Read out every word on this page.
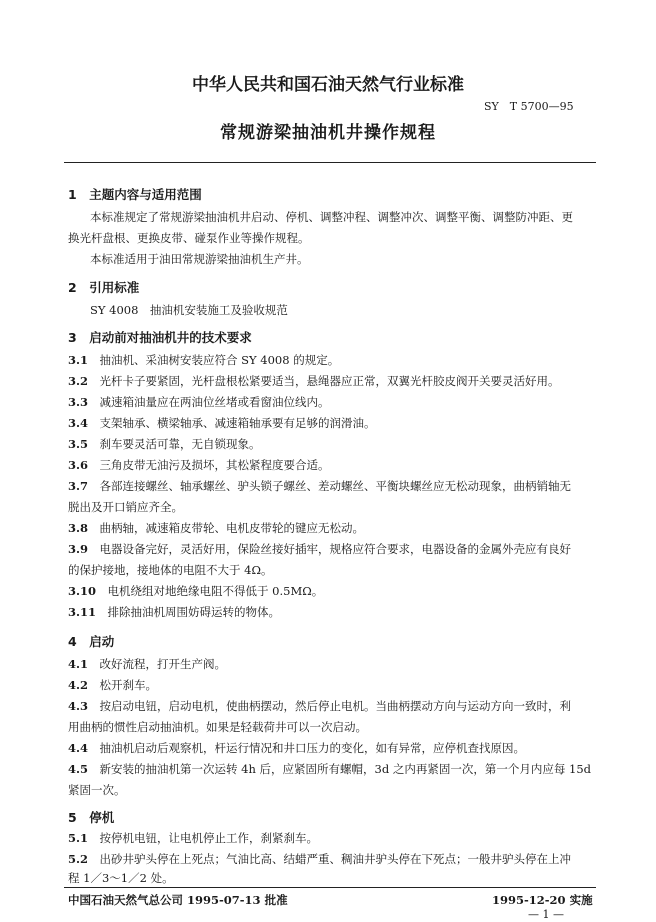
中华人民共和国石油天然气行业标准
SY　T 5700—95
常规游梁抽油机井操作规程
1　主题内容与适用范围
本标准规定了常规游梁抽油机井启动、停机、调整冲程、调整冲次、调整平衡、调整防冲距、更
换光杆盘根、更换皮带、碰泵作业等操作规程。
本标准适用于油田常规游梁抽油机生产井。
2　引用标准
SY 4008　抽油机安装施工及验收规范
3　启动前对抽油机井的技术要求
3.1　 抽油机、采油树安装应符合 SY 4008 的规定。
3.2　 光杆卡子要紧固，光杆盘根松紧要适当，悬绳器应正常，双翼光杆胶皮阀开关要灵活好用。
3.3　 减速箱油量应在两油位丝堵或看窗油位线内。
3.4　 支架轴承、横梁轴承、减速箱轴承要有足够的润滑油。
3.5　 刹车要灵活可靠，无自锁现象。
3.6　 三角皮带无油污及损坏，其松紧程度要合适。
3.7　 各部连接螺丝、轴承螺丝、驴头锁子螺丝、差动螺丝、平衡块螺丝应无松动现象，曲柄销轴无
脱出及开口销应齐全。
3.8　 曲柄轴，减速箱皮带轮、电机皮带轮的键应无松动。
3.9　 电器设备完好，灵活好用，保险丝接好插牢，规格应符合要求，电器设备的金属外壳应有良好
的保护接地，接地体的电阻不大于 4Ω。
3.10　 电机绕组对地绝缘电阻不得低于 0.5MΩ。
3.11　 排除抽油机周围妨碍运转的物体。
4　启动
4.1　 改好流程，打开生产阀。
4.2　 松开刹车。
4.3　 按启动电钮，启动电机，使曲柄摆动，然后停止电机。当曲柄摆动方向与运动方向一致时，利
用曲柄的惯性启动抽油机。如果是轻载荷井可以一次启动。
4.4　 抽油机启动后观察机，杆运行情况和井口压力的变化，如有异常，应停机查找原因。
4.5　 新安装的抽油机第一次运转 4h 后，应紧固所有螺帽，3d 之内再紧固一次，第一个月内应每 15d
紧固一次。
5　停机
5.1　 按停机电钮，让电机停止工作，刹紧刹车。
5.2　 出砂井驴头停在上死点；气油比高、结蜡严重、稠油井驴头停在下死点；一般井驴头停在上冲
程 1／3～1／2 处。
中国石油天然气总公司 1995-07-13 批准	1995-12-20 实施
— 1 —
